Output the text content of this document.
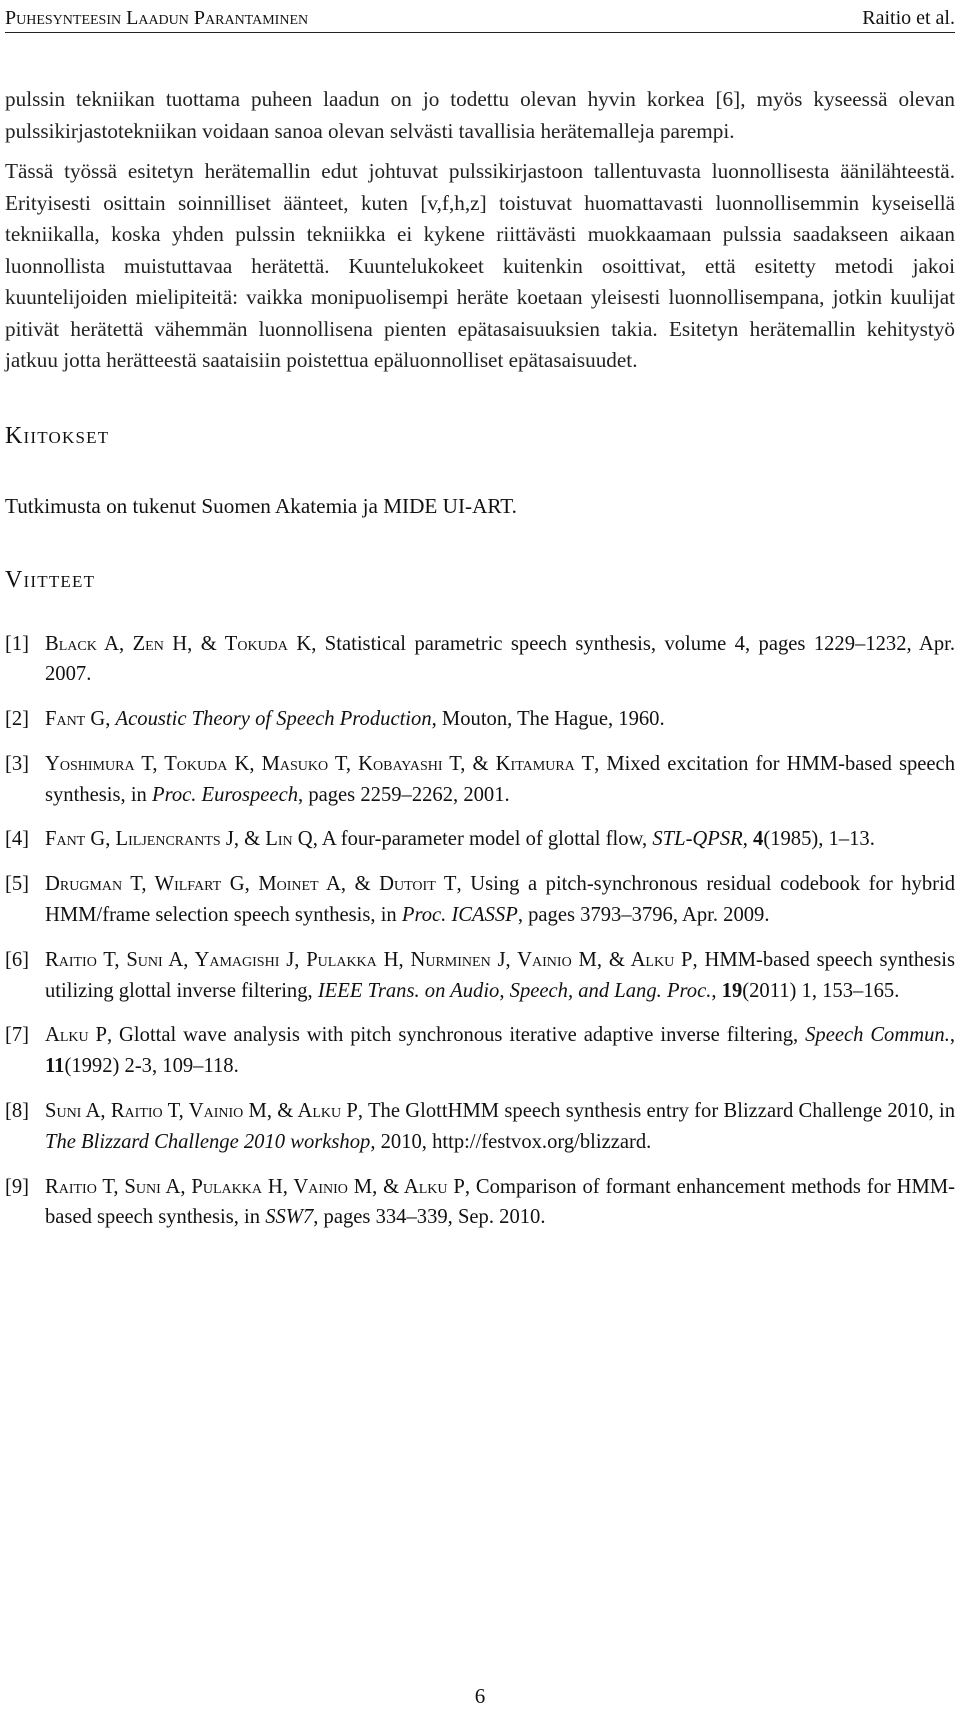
Puhesynteesin Laadun Parantaminen	Raitio et al.

pulssin tekniikan tuottama puheen laadun on jo todettu olevan hyvin korkea [6], myös kyseessä olevan pulssikirjastotekniikan voidaan sanoa olevan selvästi tavallisia herätemalleja parempi.

Tässä työssä esitetyn herätemallin edut johtuvat pulssikirjastoon tallentuvasta luonnollisesta äänilähteestä. Erityisesti osittain soinnilliset äänteet, kuten [v,f,h,z] toistuvat huomattavasti luonnollisemmin kyseisellä tekniikalla, koska yhden pulssin tekniikka ei kykene riittävästi muokkaamaan pulssia saadakseen aikaan luonnollista muistuttavaa herätettä. Kuuntelukokeet kuitenkin osoittivat, että esitetty metodi jakoi kuuntelijoiden mielipiteitä: vaikka monipuolisempi heräte koetaan yleisesti luonnollisempana, jotkin kuulijat pitivät herätettä vähemmän luonnollisena pienten epätasaisuuksien takia. Esitetyn herätemallin kehitystyö jatkuu jotta herätteestä saataisiin poistettua epäluonnolliset epätasaisuudet.

Kiitokset
Tutkimusta on tukenut Suomen Akatemia ja MIDE UI-ART.
Viitteet
[1] Black A, Zen H, & Tokuda K, Statistical parametric speech synthesis, volume 4, pages 1229–1232, Apr. 2007.
[2] Fant G, Acoustic Theory of Speech Production, Mouton, The Hague, 1960.
[3] Yoshimura T, Tokuda K, Masuko T, Kobayashi T, & Kitamura T, Mixed excitation for HMM-based speech synthesis, in Proc. Eurospeech, pages 2259–2262, 2001.
[4] Fant G, Liljencrants J, & Lin Q, A four-parameter model of glottal flow, STL-QPSR, 4(1985), 1–13.
[5] Drugman T, Wilfart G, Moinet A, & Dutoit T, Using a pitch-synchronous residual codebook for hybrid HMM/frame selection speech synthesis, in Proc. ICASSP, pages 3793–3796, Apr. 2009.
[6] Raitio T, Suni A, Yamagishi J, Pulakka H, Nurminen J, Vainio M, & Alku P, HMM-based speech synthesis utilizing glottal inverse filtering, IEEE Trans. on Audio, Speech, and Lang. Proc., 19(2011) 1, 153–165.
[7] Alku P, Glottal wave analysis with pitch synchronous iterative adaptive inverse filtering, Speech Commun., 11(1992) 2-3, 109–118.
[8] Suni A, Raitio T, Vainio M, & Alku P, The GlottHMM speech synthesis entry for Blizzard Challenge 2010, in The Blizzard Challenge 2010 workshop, 2010, http://festvox.org/blizzard.
[9] Raitio T, Suni A, Pulakka H, Vainio M, & Alku P, Comparison of formant enhancement methods for HMM-based speech synthesis, in SSW7, pages 334–339, Sep. 2010.
6
